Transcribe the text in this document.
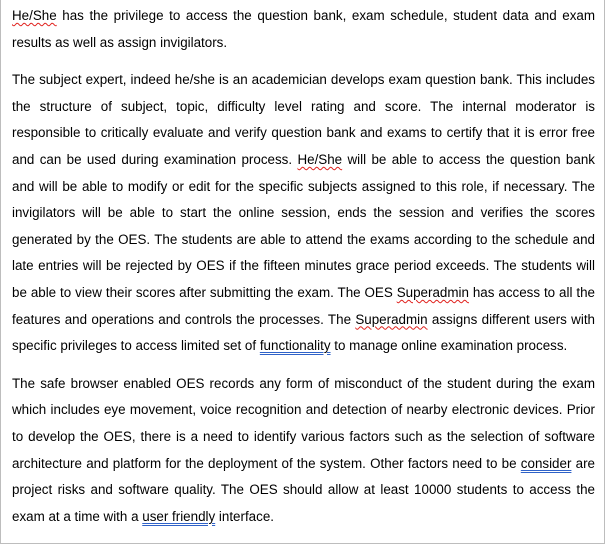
He/She has the privilege to access the question bank, exam schedule, student data and exam results as well as assign invigilators.

The subject expert, indeed he/she is an academician develops exam question bank. This includes the structure of subject, topic, difficulty level rating and score. The internal moderator is responsible to critically evaluate and verify question bank and exams to certify that it is error free and can be used during examination process. He/She will be able to access the question bank and will be able to modify or edit for the specific subjects assigned to this role, if necessary. The invigilators will be able to start the online session, ends the session and verifies the scores generated by the OES. The students are able to attend the exams according to the schedule and late entries will be rejected by OES if the fifteen minutes grace period exceeds. The students will be able to view their scores after submitting the exam. The OES Superadmin has access to all the features and operations and controls the processes. The Superadmin assigns different users with specific privileges to access limited set of functionality to manage online examination process.

The safe browser enabled OES records any form of misconduct of the student during the exam which includes eye movement, voice recognition and detection of nearby electronic devices. Prior to develop the OES, there is a need to identify various factors such as the selection of software architecture and platform for the deployment of the system. Other factors need to be consider are project risks and software quality. The OES should allow at least 10000 students to access the exam at a time with a user friendly interface.
